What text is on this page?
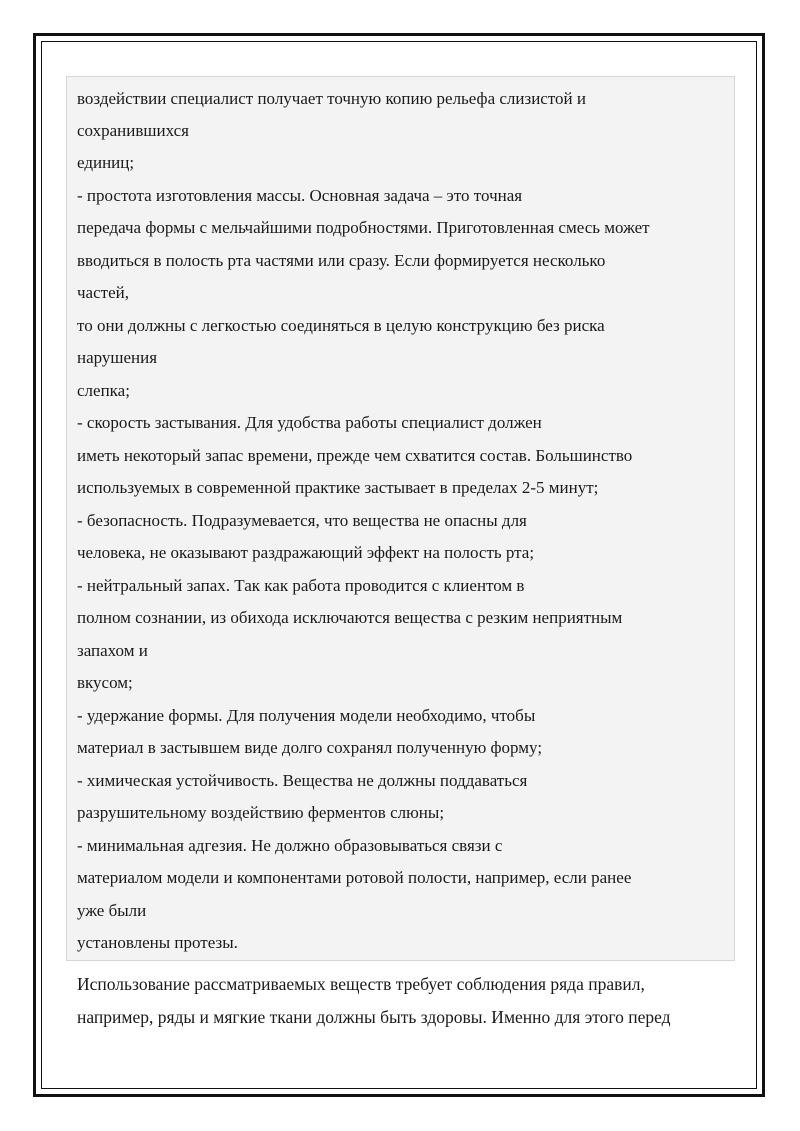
воздействии специалист получает точную копию рельефа слизистой и
сохранившихся
единиц;
- простота изготовления массы. Основная задача – это точная
передача формы с мельчайшими подробностями. Приготовленная смесь может
вводиться в полость рта частями или сразу. Если формируется несколько
частей,
то они должны с легкостью соединяться в целую конструкцию без риска
нарушения
слепка;
- скорость застывания. Для удобства работы специалист должен
иметь некоторый запас времени, прежде чем схватится состав. Большинство
используемых в современной практике застывает в пределах 2-5 минут;
- безопасность. Подразумевается, что вещества не опасны для
человека, не оказывают раздражающий эффект на полость рта;
- нейтральный запах. Так как работа проводится с клиентом в
полном сознании, из обихода исключаются вещества с резким неприятным
запахом и
вкусом;
- удержание формы. Для получения модели необходимо, чтобы
материал в застывшем виде долго сохранял полученную форму;
- химическая устойчивость. Вещества не должны поддаваться
разрушительному воздействию ферментов слюны;
- минимальная адгезия. Не должно образовываться связи с
материалом модели и компонентами ротовой полости, например, если ранее
уже были
установлены протезы.
Использование рассматриваемых веществ требует соблюдения ряда правил,
например, ряды и мягкие ткани должны быть здоровы. Именно для этого перед
